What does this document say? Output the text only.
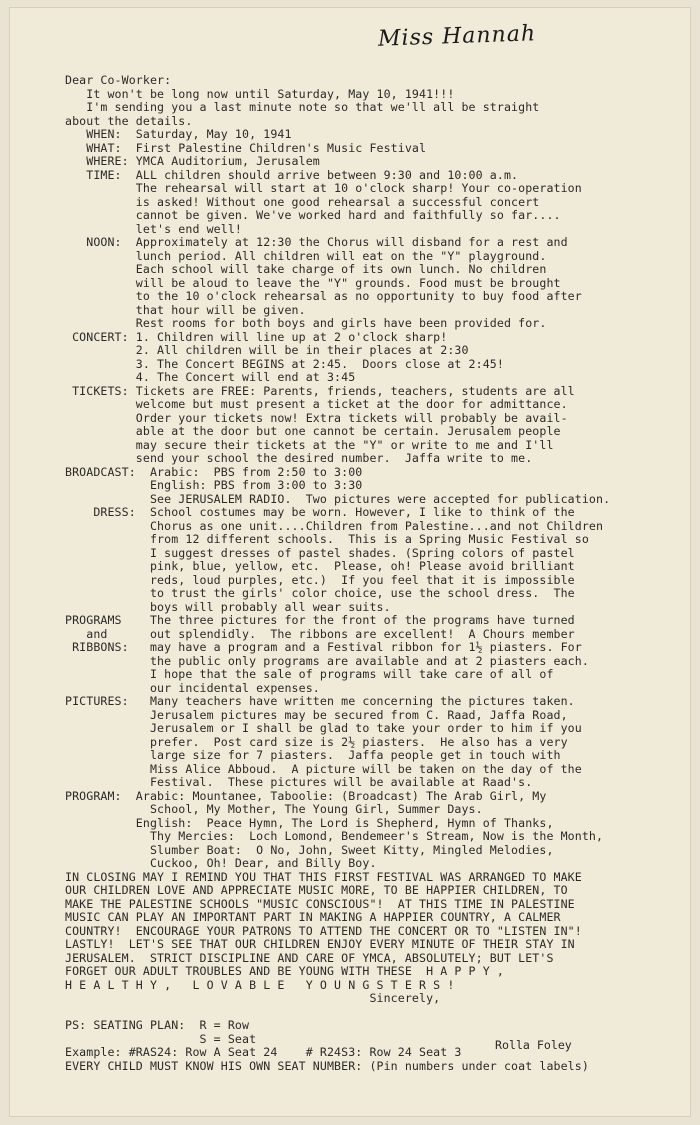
Miss Hannah
Dear Co-Worker:
It won't be long now until Saturday, May 10, 1941!!!
I'm sending you a last minute note so that we'll all be straight
about the details.
WHEN:  Saturday, May 10, 1941
WHAT:  First Palestine Children's Music Festival
WHERE: YMCA Auditorium, Jerusalem
TIME:  ALL children should arrive between 9:30 and 10:00 a.m.
The rehearsal will start at 10 o'clock sharp! Your co-operation
is asked! Without one good rehearsal a successful concert
cannot be given. We've worked hard and faithfully so far....
let's end well!
NOON:  Approximately at 12:30 the Chorus will disband for a rest and
lunch period. All children will eat on the "Y" playground.
Each school will take charge of its own lunch. No children
will be aloud to leave the "Y" grounds. Food must be brought
to the 10 o'clock rehearsal as no opportunity to buy food after
that hour will be given.
Rest rooms for both boys and girls have been provided for.
CONCERT: 1. Children will line up at 2 o'clock sharp!
2. All children will be in their places at 2:30
3. The Concert BEGINS at 2:45.  Doors close at 2:45!
4. The Concert will end at 3:45
TICKETS: Tickets are FREE: Parents, friends, teachers, students are all
welcome but must present a ticket at the door for admittance.
Order your tickets now! Extra tickets will probably be avail-
able at the door but one cannot be certain. Jerusalem people
may secure their tickets at the "Y" or write to me and I'll
send your school the desired number.  Jaffa write to me.
BROADCAST:  Arabic:  PBS from 2:50 to 3:00
English: PBS from 3:00 to 3:30
See JERUSALEM RADIO.  Two pictures were accepted for publication.
DRESS:  School costumes may be worn. However, I like to think of the
Chorus as one unit....Children from Palestine...and not Children
from 12 different schools.  This is a Spring Music Festival so
I suggest dresses of pastel shades. (Spring colors of pastel
pink, blue, yellow, etc.  Please, oh! Please avoid brilliant
reds, loud purples, etc.)  If you feel that it is impossible
to trust the girls' color choice, use the school dress.  The
boys will probably all wear suits.
PROGRAMS    The three pictures for the front of the programs have turned
and      out splendidly.  The ribbons are excellent!  A Chours member
RIBBONS:   may have a program and a Festival ribbon for 1½ piasters. For
the public only programs are available and at 2 piasters each.
I hope that the sale of programs will take care of all of
our incidental expenses.
PICTURES:   Many teachers have written me concerning the pictures taken.
Jerusalem pictures may be secured from C. Raad, Jaffa Road,
Jerusalem or I shall be glad to take your order to him if you
prefer.  Post card size is 2½ piasters.  He also has a very
large size for 7 piasters.  Jaffa people get in touch with
Miss Alice Abboud.  A picture will be taken on the day of the
Festival.  These pictures will be available at Raad's.
PROGRAM:  Arabic: Mountanee, Taboolie: (Broadcast) The Arab Girl, My
School, My Mother, The Young Girl, Summer Days.
English:  Peace Hymn, The Lord is Shepherd, Hymn of Thanks,
Thy Mercies:  Loch Lomond, Bendemeer's Stream, Now is the Month,
Slumber Boat:  O No, John, Sweet Kitty, Mingled Melodies,
Cuckoo, Oh! Dear, and Billy Boy.
IN CLOSING MAY I REMIND YOU THAT THIS FIRST FESTIVAL WAS ARRANGED TO MAKE
OUR CHILDREN LOVE AND APPRECIATE MUSIC MORE, TO BE HAPPIER CHILDREN, TO
MAKE THE PALESTINE SCHOOLS "MUSIC CONSCIOUS"!  AT THIS TIME IN PALESTINE
MUSIC CAN PLAY AN IMPORTANT PART IN MAKING A HAPPIER COUNTRY, A CALMER
COUNTRY!  ENCOURAGE YOUR PATRONS TO ATTEND THE CONCERT OR TO "LISTEN IN"!
LASTLY!  LET'S SEE THAT OUR CHILDREN ENJOY EVERY MINUTE OF THEIR STAY IN
JERUSALEM.  STRICT DISCIPLINE AND CARE OF YMCA, ABSOLUTELY; BUT LET'S
FORGET OUR ADULT TROUBLES AND BE YOUNG WITH THESE  H A P P Y ,
H E A L T H Y ,   L O V A B L E   Y O U N G S T E R S !
Sincerely,
PS: SEATING PLAN:  R = Row
S = Seat
Example: #RAS24: Row A Seat 24    # R24S3: Row 24 Seat 3
EVERY CHILD MUST KNOW HIS OWN SEAT NUMBER: (Pin numbers under coat labels)
Rolla Foley
